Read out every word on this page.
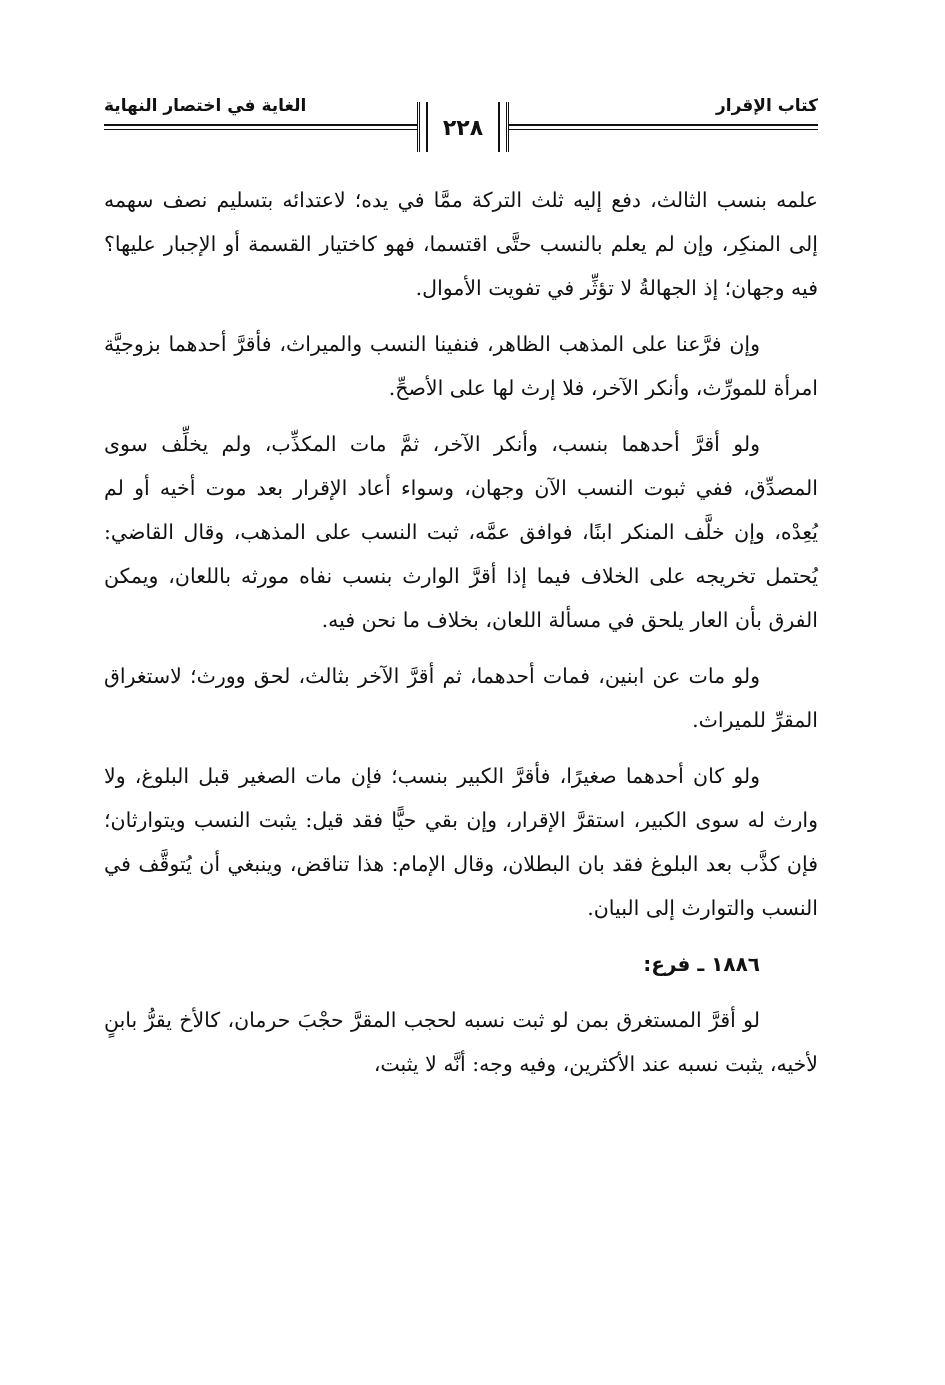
كتاب الإقرار
الغاية في اختصار النهاية
٢٢٨

علمه بنسب الثالث، دفع إليه ثلث التركة ممَّا في يده؛ لاعتدائه بتسليم نصف سهمه إلى المنكِر، وإن لم يعلم بالنسب حتَّى اقتسما، فهو كاختيار القسمة أو الإجبار عليها؟ فيه وجهان؛ إذ الجهالةُ لا تؤثِّر في تفويت الأموال.

وإن فرَّعنا على المذهب الظاهر، فنفينا النسب والميراث، فأقرَّ أحدهما بزوجيَّة امرأة للمورِّث، وأنكر الآخر، فلا إرث لها على الأصحِّ.

ولو أقرَّ أحدهما بنسب، وأنكر الآخر، ثمَّ مات المكذِّب، ولم يخلِّف سوى المصدِّق، ففي ثبوت النسب الآن وجهان، وسواء أعاد الإقرار بعد موت أخيه أو لم يُعِدْه، وإن خلَّف المنكر ابنًا، فوافق عمَّه، ثبت النسب على المذهب، وقال القاضي: يُحتمل تخريجه على الخلاف فيما إذا أقرَّ الوارث بنسب نفاه مورثه باللعان، ويمكن الفرق بأن العار يلحق في مسألة اللعان، بخلاف ما نحن فيه.

ولو مات عن ابنين، فمات أحدهما، ثم أقرَّ الآخر بثالث، لحق وورث؛ لاستغراق المقرِّ للميراث.

ولو كان أحدهما صغيرًا، فأقرَّ الكبير بنسب؛ فإن مات الصغير قبل البلوغ، ولا وارث له سوى الكبير، استقرَّ الإقرار، وإن بقي حيًّا فقد قيل: يثبت النسب ويتوارثان؛ فإن كذَّب بعد البلوغ فقد بان البطلان، وقال الإمام: هذا تناقض، وينبغي أن يُتوقَّف في النسب والتوارث إلى البيان.

١٨٨٦ ـ فرع:

لو أقرَّ المستغرق بمن لو ثبت نسبه لحجب المقرَّ حجْبَ حرمان، كالأخ يقرُّ بابنٍ لأخيه، يثبت نسبه عند الأكثرين، وفيه وجه: أنَّه لا يثبت،
